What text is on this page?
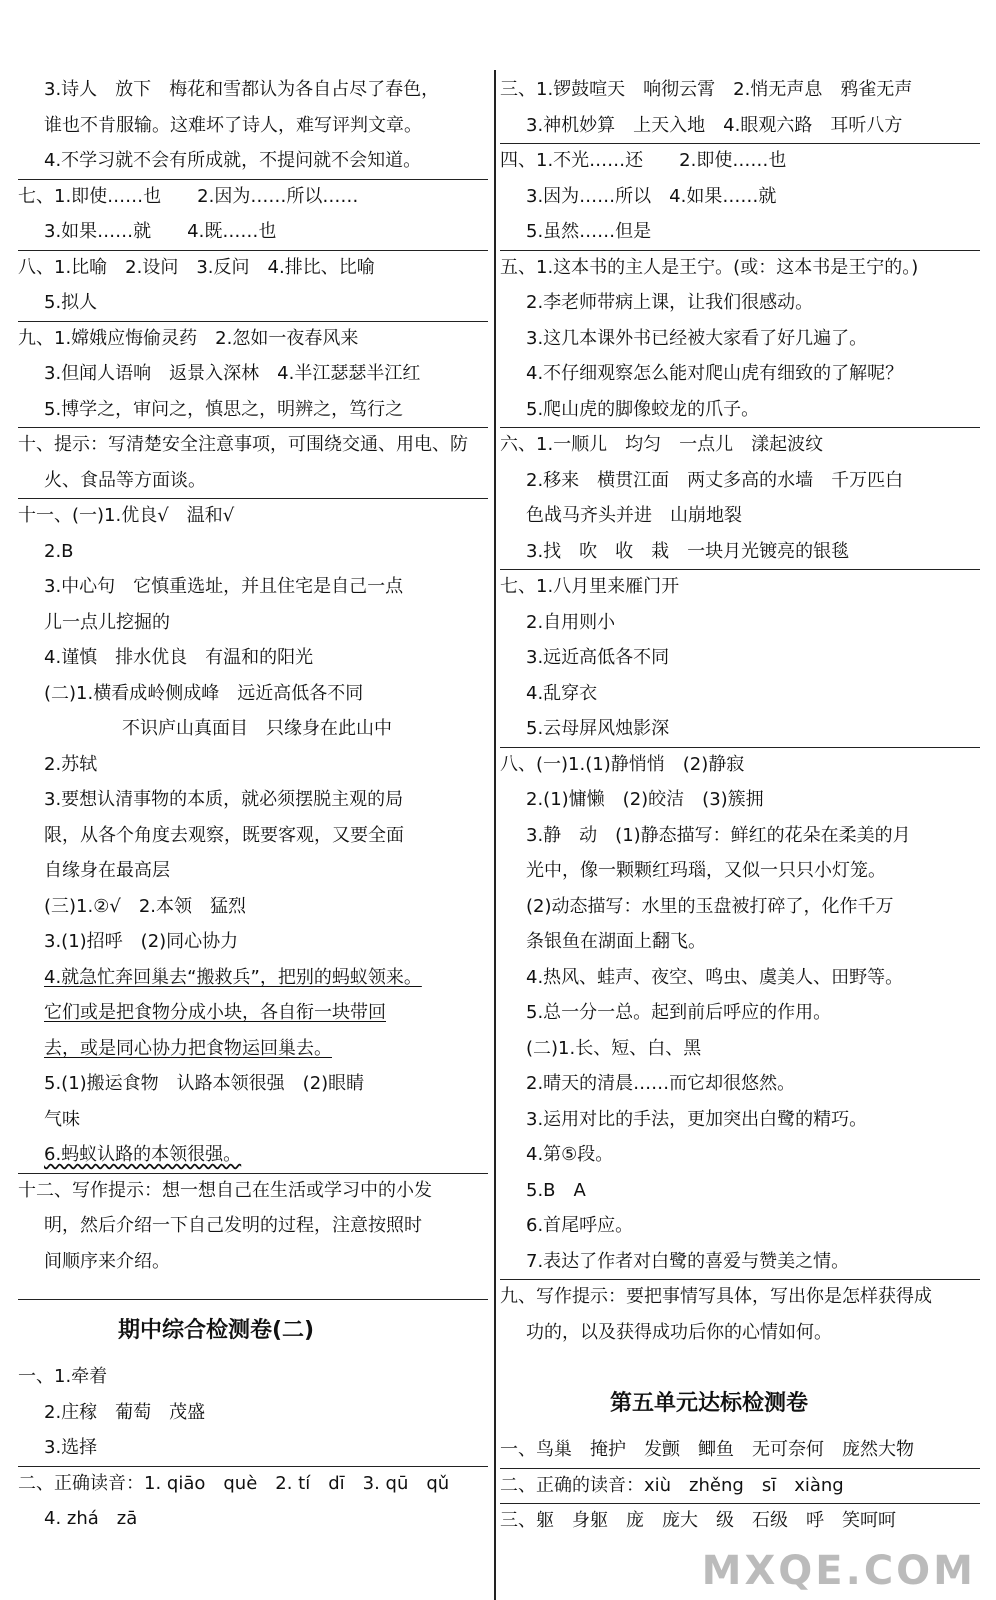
3.诗人　放下　梅花和雪都认为各自占尽了春色，
谁也不肯服输。这难坏了诗人，难写评判文章。
4.不学习就不会有所成就，不提问就不会知道。
七、1.即使……也　　2.因为……所以……
3.如果……就　　4.既……也
八、1.比喻　2.设问　3.反问　4.排比、比喻
5.拟人
九、1.嫦娥应悔偷灵药　2.忽如一夜春风来
3.但闻人语响　返景入深林　4.半江瑟瑟半江红
5.博学之，审问之，慎思之，明辨之，笃行之
十、提示：写清楚安全注意事项，可围绕交通、用电、防
火、食品等方面谈。
十一、(一)1.优良√　温和√
2.B
3.中心句　它慎重选址，并且住宅是自己一点
儿一点儿挖掘的
4.谨慎　排水优良　有温和的阳光
(二)1.横看成岭侧成峰　远近高低各不同
不识庐山真面目　只缘身在此山中
2.苏轼
3.要想认清事物的本质，就必须摆脱主观的局
限，从各个角度去观察，既要客观，又要全面
自缘身在最高层
(三)1.②√　2.本领　猛烈
3.(1)招呼　(2)同心协力
4.就急忙奔回巢去“搬救兵”，把别的蚂蚁领来。
它们或是把食物分成小块，各自衔一块带回
去，或是同心协力把食物运回巢去。
5.(1)搬运食物　认路本领很强　(2)眼睛
气味
6.蚂蚁认路的本领很强。
十二、写作提示：想一想自己在生活或学习中的小发
明，然后介绍一下自己发明的过程，注意按照时
间顺序来介绍。
期中综合检测卷(二)
一、1.牵着
2.庄稼　葡萄　茂盛
3.选择
二、正确读音：1. qiāo　què　2. tí　dī　3. qū　qǔ
4. zhá　zā
三、1.锣鼓喧天　响彻云霄　2.悄无声息　鸦雀无声
3.神机妙算　上天入地　4.眼观六路　耳听八方
四、1.不光……还　　2.即使……也
3.因为……所以　4.如果……就
5.虽然……但是
五、1.这本书的主人是王宁。(或：这本书是王宁的。)
2.李老师带病上课，让我们很感动。
3.这几本课外书已经被大家看了好几遍了。
4.不仔细观察怎么能对爬山虎有细致的了解呢？
5.爬山虎的脚像蛟龙的爪子。
六、1.一顺儿　均匀　一点儿　漾起波纹
2.移来　横贯江面　两丈多高的水墙　千万匹白
色战马齐头并进　山崩地裂
3.找　吹　收　栽　一块月光镀亮的银毯
七、1.八月里来雁门开
2.自用则小
3.远近高低各不同
4.乱穿衣
5.云母屏风烛影深
八、(一)1.(1)静悄悄　(2)静寂
2.(1)慵懒　(2)皎洁　(3)簇拥
3.静　动　(1)静态描写：鲜红的花朵在柔美的月
光中，像一颗颗红玛瑙，又似一只只小灯笼。
(2)动态描写：水里的玉盘被打碎了，化作千万
条银鱼在湖面上翻飞。
4.热风、蛙声、夜空、鸣虫、虞美人、田野等。
5.总一分一总。起到前后呼应的作用。
(二)1.长、短、白、黑
2.晴天的清晨……而它却很悠然。
3.运用对比的手法，更加突出白鹭的精巧。
4.第⑤段。
5.B　A
6.首尾呼应。
7.表达了作者对白鹭的喜爱与赞美之情。
九、写作提示：要把事情写具体，写出你是怎样获得成
功的，以及获得成功后你的心情如何。
第五单元达标检测卷
一、鸟巢　掩护　发颤　鲫鱼　无可奈何　庞然大物
二、正确的读音：xiù　zhěng　sī　xiàng
三、躯　身躯　庞　庞大　级　石级　呼　笑呵呵
MXQE.COM
